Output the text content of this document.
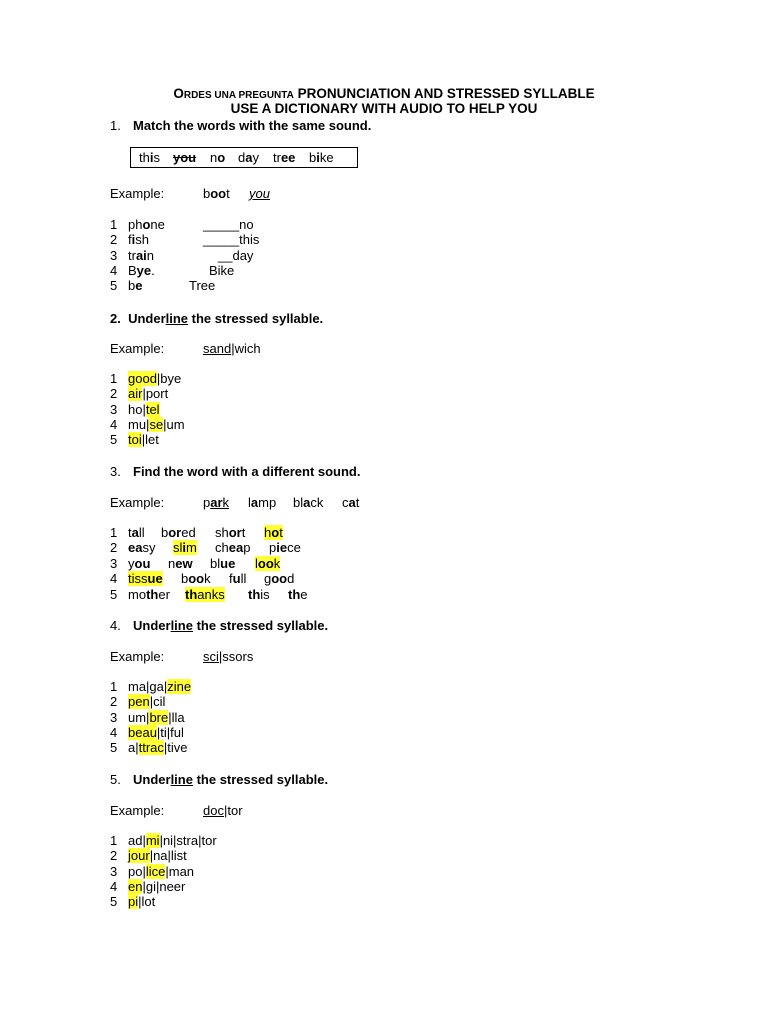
ORDES UNA PREGUNTA PRONUNCIATION AND STRESSED SYLLABLE
USE A DICTIONARY WITH AUDIO TO HELP YOU
1. Match the words with the same sound.
this you no day tree bike
Example:	boot you
1 phone	_____no
2 fish	_____this
3 train	__day
4 Bye.	Bike
5 be	Tree
2. Underline the stressed syllable.
Example:	sand|wich
1 good|bye
2 air|port
3 ho|tel
4 mu|se|um
5 toi|let
3. Find the word with a different sound.
Example:	park lamp black cat
1 tall bored short hot
2 easy slim cheap piece
3 you new blue look
4 tissue book full good
5 mother thanks this the
4. Underline the stressed syllable.
Example:	sci|ssors
1 ma|ga|zine
2 pen|cil
3 um|bre|lla
4 beau|ti|ful
5 a|ttrac|tive
5. Underline the stressed syllable.
Example:	doc|tor
1 ad|mi|ni|stra|tor
2 jour|na|list
3 po|lice|man
4 en|gi|neer
5 pi|lot
